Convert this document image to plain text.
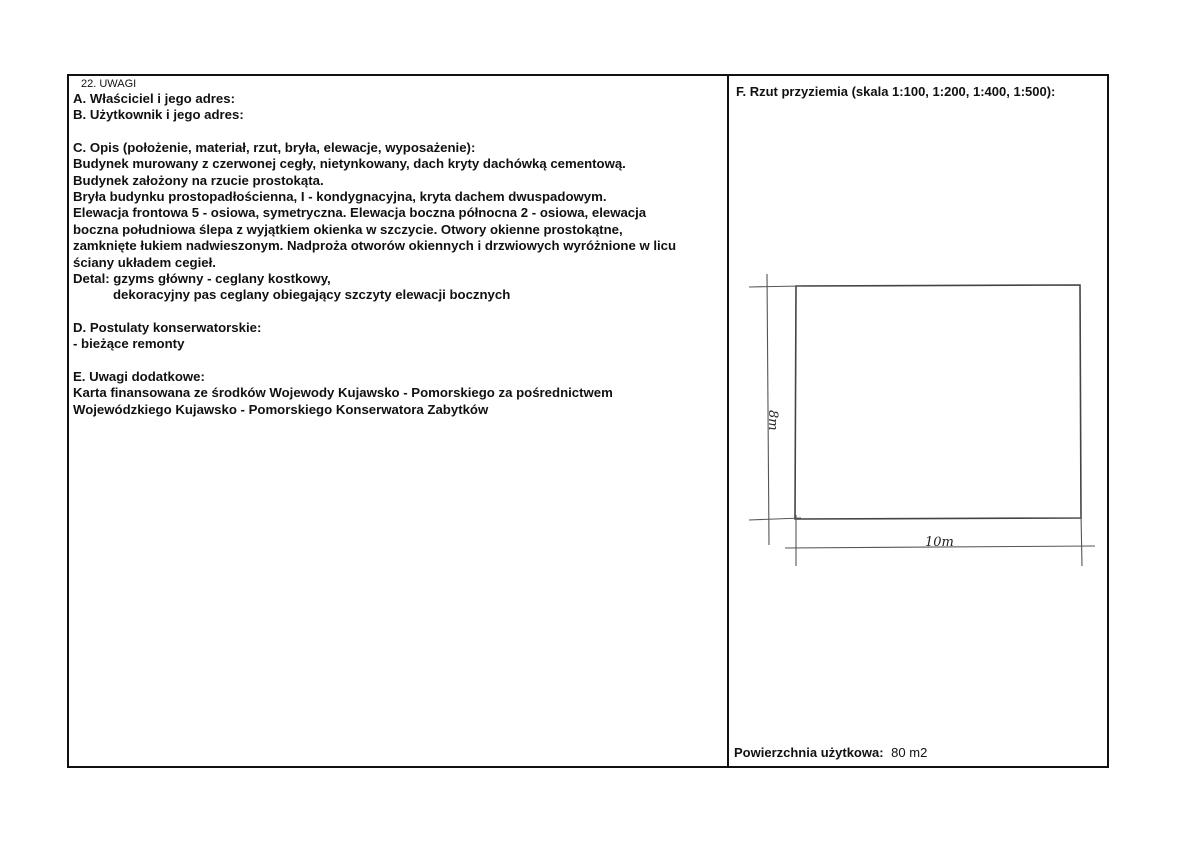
22. UWAGI
A. Właściciel i jego adres:
B. Użytkownik i jego adres:
C. Opis (położenie, materiał, rzut, bryła, elewacje, wyposażenie):
Budynek murowany z czerwonej cegły, nietynkowany, dach kryty dachówką cementową.
Budynek założony na rzucie prostokąta.
Bryła budynku prostopadłościenna, I - kondygnacyjna, kryta dachem dwuspadowym.
Elewacja frontowa 5 - osiowa, symetryczna. Elewacja boczna północna 2 - osiowa, elewacja
boczna południowa ślepa z wyjątkiem okienka w szczycie. Otwory okienne prostokątne,
zamknięte łukiem nadwieszonym. Nadproża otworów okiennych i drzwiowych wyróżnione w licu
ściany układem cegieł.
Detal: gzyms główny - ceglany kostkowy,
dekoracyjny pas ceglany obiegający szczyty elewacji bocznych
D. Postulaty konserwatorskie:
- bieżące remonty
E. Uwagi dodatkowe:
Karta finansowana ze środków Wojewody Kujawsko - Pomorskiego za pośrednictwem
Wojewódzkiego Kujawsko - Pomorskiego Konserwatora Zabytków
F. Rzut przyziemia (skala 1:100, 1:200, 1:400, 1:500):
10m
8m
Powierzchnia użytkowa: 80 m2
